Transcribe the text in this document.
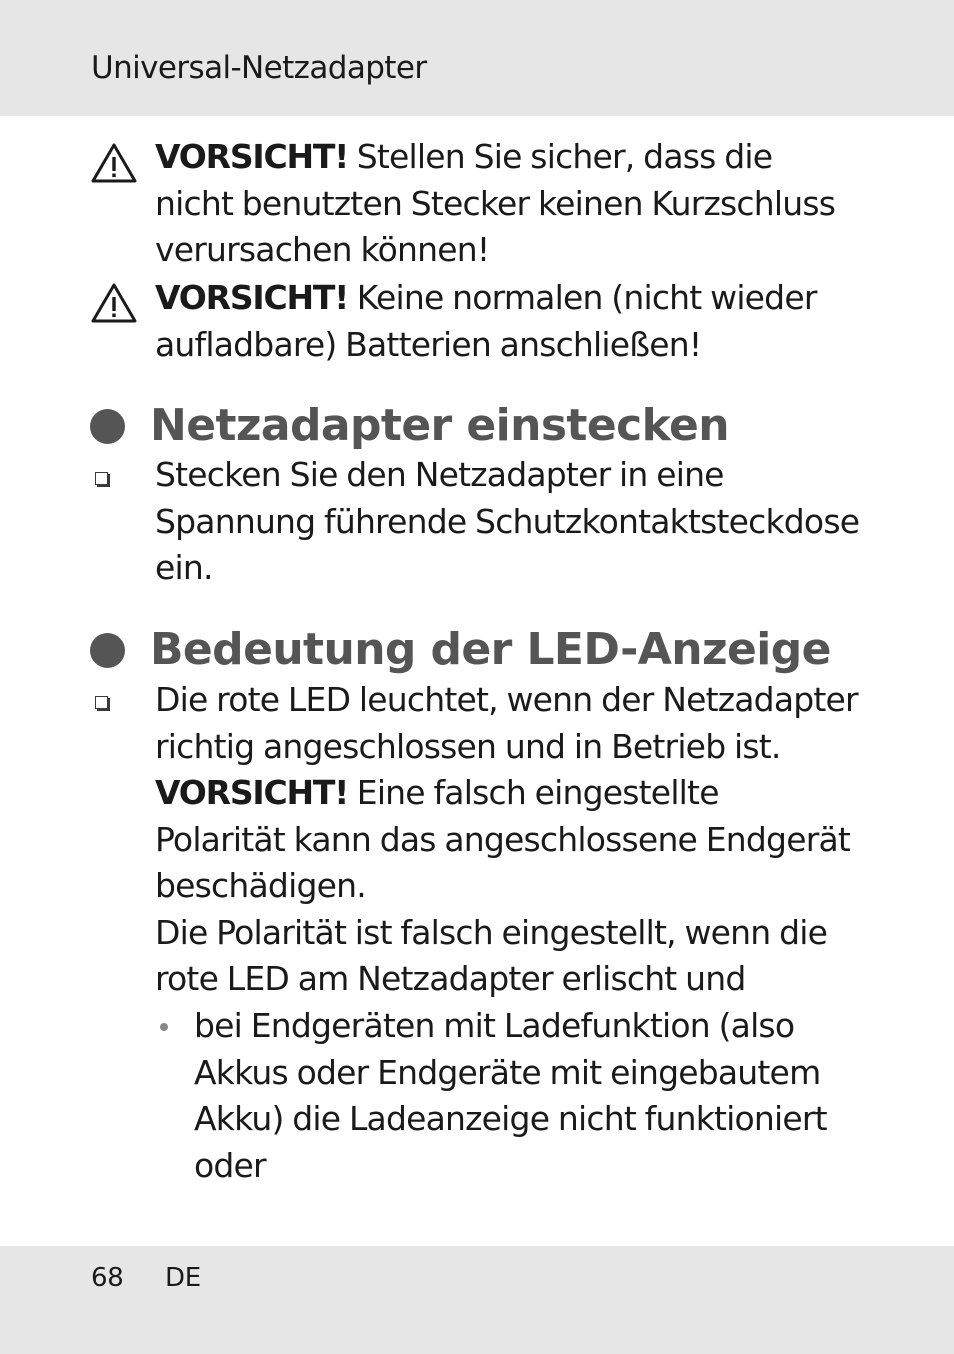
Universal-Netzadapter
VORSICHT! Stellen Sie sicher, dass die
nicht benutzten Stecker keinen Kurzschluss
verursachen können!
VORSICHT! Keine normalen (nicht wieder
aufladbare) Batterien anschließen!
Netzadapter einstecken
Stecken Sie den Netzadapter in eine
Spannung führende Schutzkontaktsteckdose
ein.
Bedeutung der LED-Anzeige
Die rote LED leuchtet, wenn der Netzadapter
richtig angeschlossen und in Betrieb ist.
VORSICHT! Eine falsch eingestellte
Polarität kann das angeschlossene Endgerät
beschädigen.
Die Polarität ist falsch eingestellt, wenn die
rote LED am Netzadapter erlischt und
bei Endgeräten mit Ladefunktion (also
Akkus oder Endgeräte mit eingebautem
Akku) die Ladeanzeige nicht funktioniert
oder
68 DE
